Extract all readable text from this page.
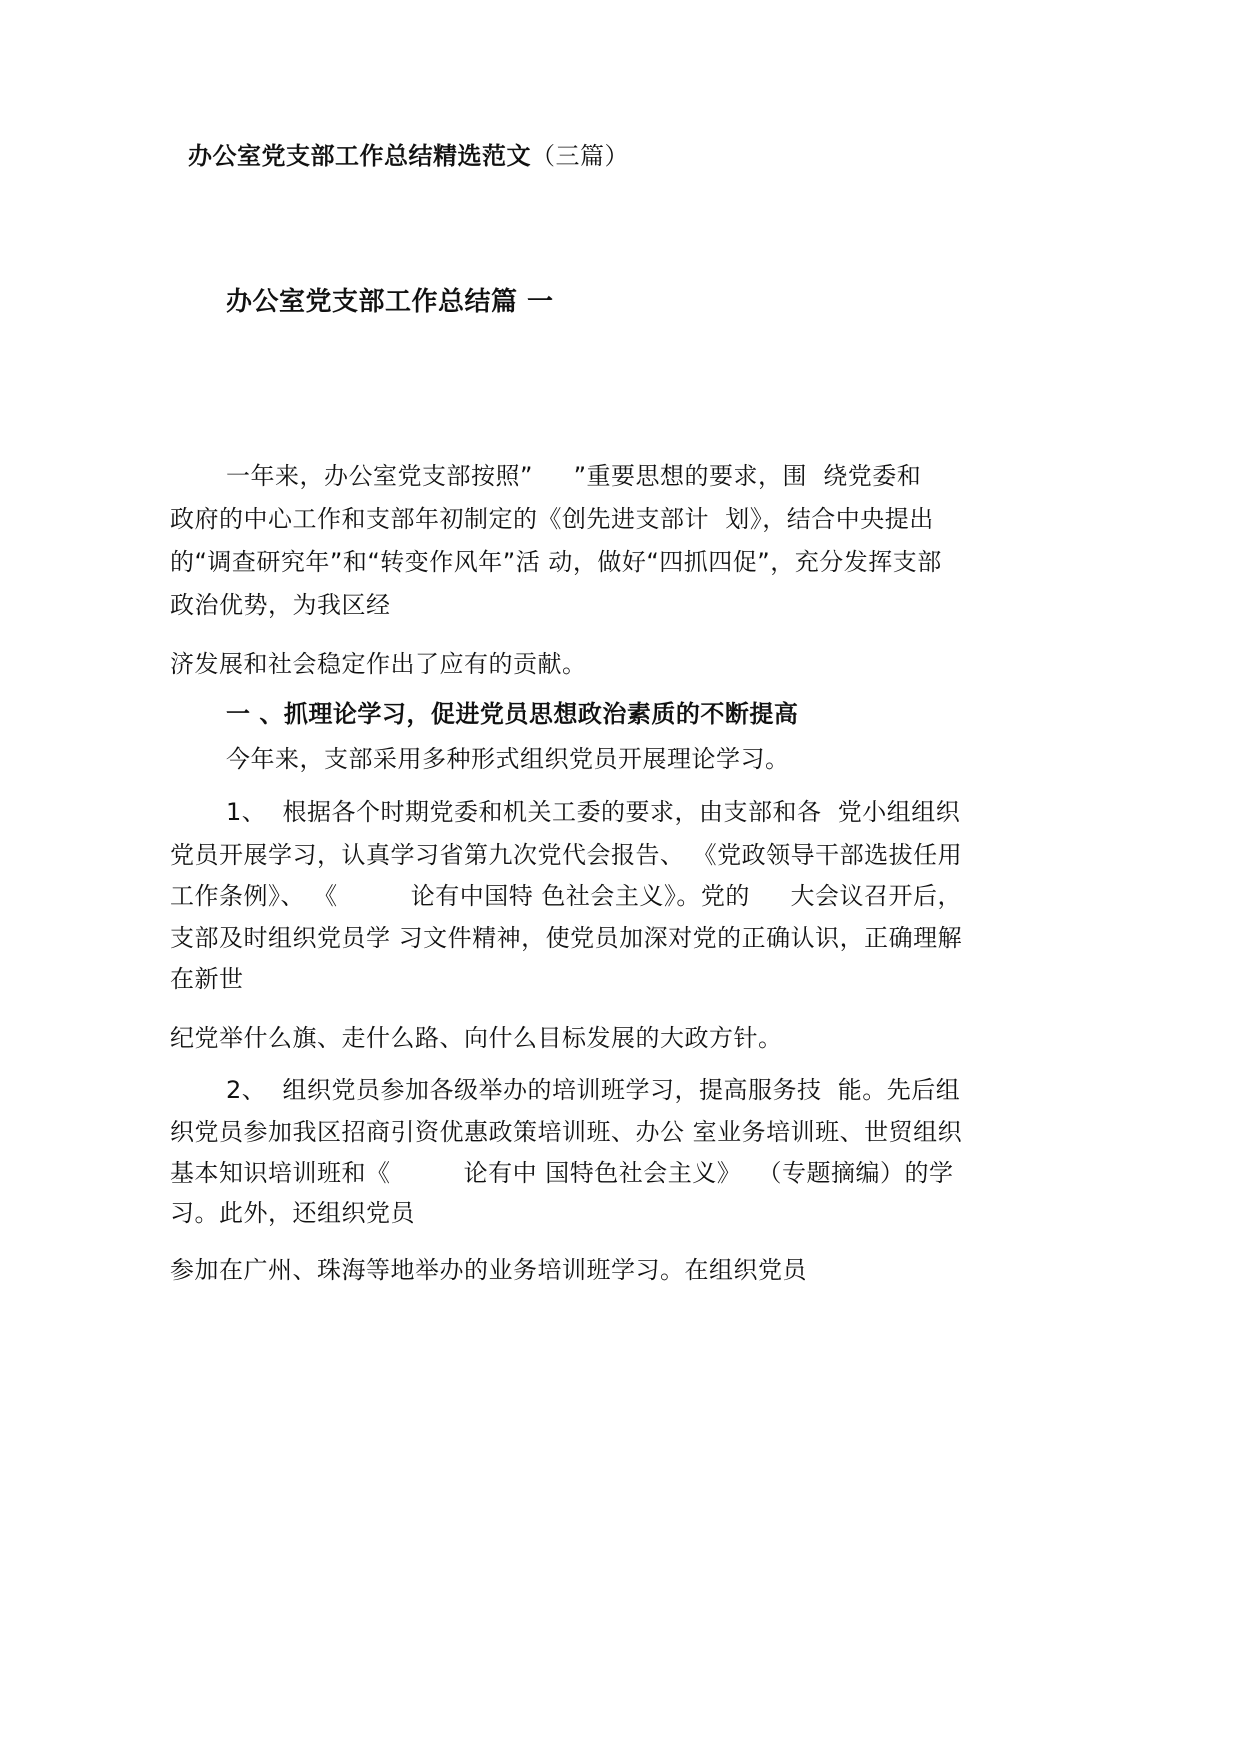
办公室党支部工作总结精选范文（三篇）
办公室党支部工作总结篇 一
一年来，办公室党支部按照”     ”重要思想的要求，围  绕党委和
政府的中心工作和支部年初制定的《创先进支部计  划》，结合中央提出
的“调查研究年”和“转变作风年”活 动，做好“四抓四促”，充分发挥支部
政治优势，为我区经
济发展和社会稳定作出了应有的贡献。
一 、抓理论学习，促进党员思想政治素质的不断提高
今年来，支部采用多种形式组织党员开展理论学习。
1、  根据各个时期党委和机关工委的要求，由支部和各  党小组组织
党员开展学习，认真学习省第九次党代会报告、 《党政领导干部选拔任用
工作条例》、 《         论有中国特 色社会主义》。党的     大会议召开后，
支部及时组织党员学 习文件精神，使党员加深对党的正确认识，正确理解
在新世
纪党举什么旗、走什么路、向什么目标发展的大政方针。
2、  组织党员参加各级举办的培训班学习，提高服务技  能。先后组
织党员参加我区招商引资优惠政策培训班、办公 室业务培训班、世贸组织
基本知识培训班和《         论有中 国特色社会主义》  （专题摘编）的学
习。此外，还组织党员
参加在广州、珠海等地举办的业务培训班学习。在组织党员
